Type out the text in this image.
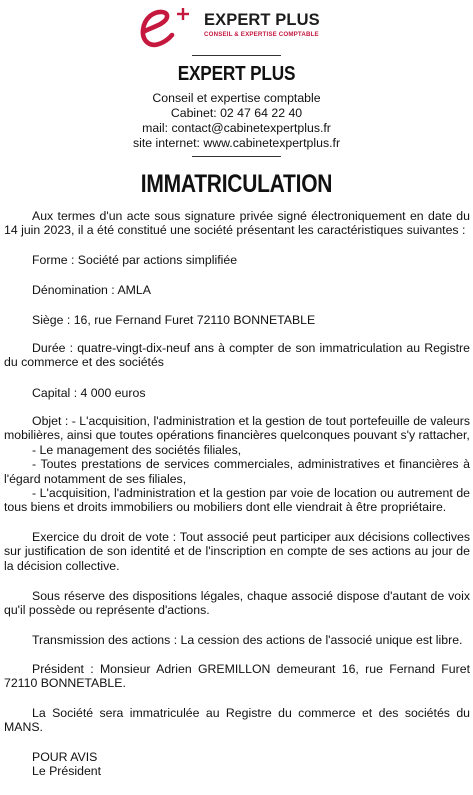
EXPERT PLUS
CONSEIL & EXPERTISE COMPTABLE
EXPERT PLUS
Conseil et expertise comptable
Cabinet: 02 47 64 22 40
mail: contact@cabinetexpertplus.fr
site internet: www.cabinetexpertplus.fr
IMMATRICULATION

Aux termes d'un acte sous signature privée signé électroniquement en date du 14 juin 2023, il a été constitué une société présentant les caractéristiques suivantes :

Forme : Société par actions simplifiée

Dénomination : AMLA

Siège : 16, rue Fernand Furet 72110 BONNETABLE

Durée : quatre-vingt-dix-neuf ans à compter de son immatriculation au Registre du commerce et des sociétés

Capital : 4 000 euros

Objet : - L'acquisition, l'administration et la gestion de tout portefeuille de valeurs mobilières, ainsi que toutes opérations financières quelconques pouvant s'y rattacher,
- Le management des sociétés filiales,
- Toutes prestations de services commerciales, administratives et financières à l'égard notamment de ses filiales,
- L'acquisition, l'administration et la gestion par voie de location ou autrement de tous biens et droits immobiliers ou mobiliers dont elle viendrait à être propriétaire.

Exercice du droit de vote : Tout associé peut participer aux décisions collectives sur justification de son identité et de l'inscription en compte de ses actions au jour de la décision collective.

Sous réserve des dispositions légales, chaque associé dispose d'autant de voix qu'il possède ou représente d'actions.

Transmission des actions : La cession des actions de l'associé unique est libre.

Président : Monsieur Adrien GREMILLON demeurant 16, rue Fernand Furet 72110 BONNETABLE.

La Société sera immatriculée au Registre du commerce et des sociétés du MANS.

POUR AVIS
Le Président
